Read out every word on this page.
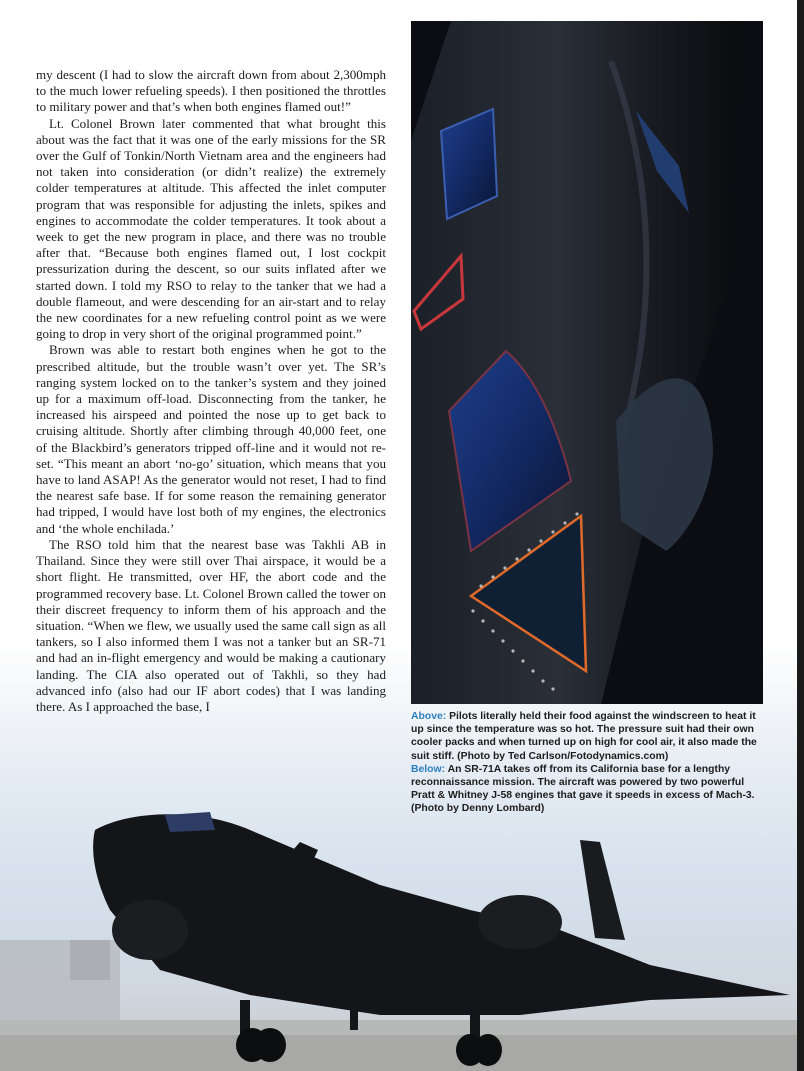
my descent (I had to slow the aircraft down from about 2,300mph to the much lower refueling speeds). I then positioned the throttles to military power and that’s when both engines flamed out!”

Lt. Colonel Brown later commented that what brought this about was the fact that it was one of the early missions for the SR over the Gulf of Tonkin/North Vietnam area and the engineers had not taken into consideration (or didn’t realize) the extremely colder temperatures at altitude. This affected the inlet computer program that was responsible for adjusting the inlets, spikes and engines to accommodate the colder temperatures. It took about a week to get the new program in place, and there was no trouble after that. “Because both engines flamed out, I lost cockpit pressurization during the descent, so our suits inflated after we started down. I told my RSO to relay to the tanker that we had a double flameout, and were descending for an air-start and to relay the new coordinates for a new refueling control point as we were going to drop in very short of the original programmed point.”

Brown was able to restart both engines when he got to the prescribed altitude, but the trouble wasn’t over yet. The SR’s ranging system locked on to the tanker’s system and they joined up for a maximum off-load. Disconnecting from the tanker, he increased his airspeed and pointed the nose up to get back to cruising altitude. Shortly after climbing through 40,000 feet, one of the Blackbird’s generators tripped off-line and it would not re-set. “This meant an abort ‘no-go’ situation, which means that you have to land ASAP! As the generator would not reset, I had to find the nearest safe base. If for some reason the remaining generator had tripped, I would have lost both of my engines, the electronics and ‘the whole enchilada.’

The RSO told him that the nearest base was Takhli AB in Thailand. Since they were still over Thai airspace, it would be a short flight. He transmitted, over HF, the abort code and the programmed recovery base. Lt. Colonel Brown called the tower on their discreet frequency to inform them of his approach and the situation. “When we flew, we usually used the same call sign as all tankers, so I also informed them I was not a tanker but an SR-71 and had an in-flight emergency and would be making a cautionary landing. The CIA also operated out of Takhli, so they had advanced info (also had our IF abort codes) that I was landing there. As I approached the base, I

Above: Pilots literally held their food against the windscreen to heat it up since the temperature was so hot. The pressure suit had their own cooler packs and when turned up on high for cool air, it also made the suit stiff. (Photo by Ted Carlson/Fotodynamics.com)

Below: An SR-71A takes off from its California base for a lengthy reconnaissance mission. The aircraft was powered by two powerful Pratt & Whitney J-58 engines that gave it speeds in excess of Mach-3. (Photo by Denny Lombard)
